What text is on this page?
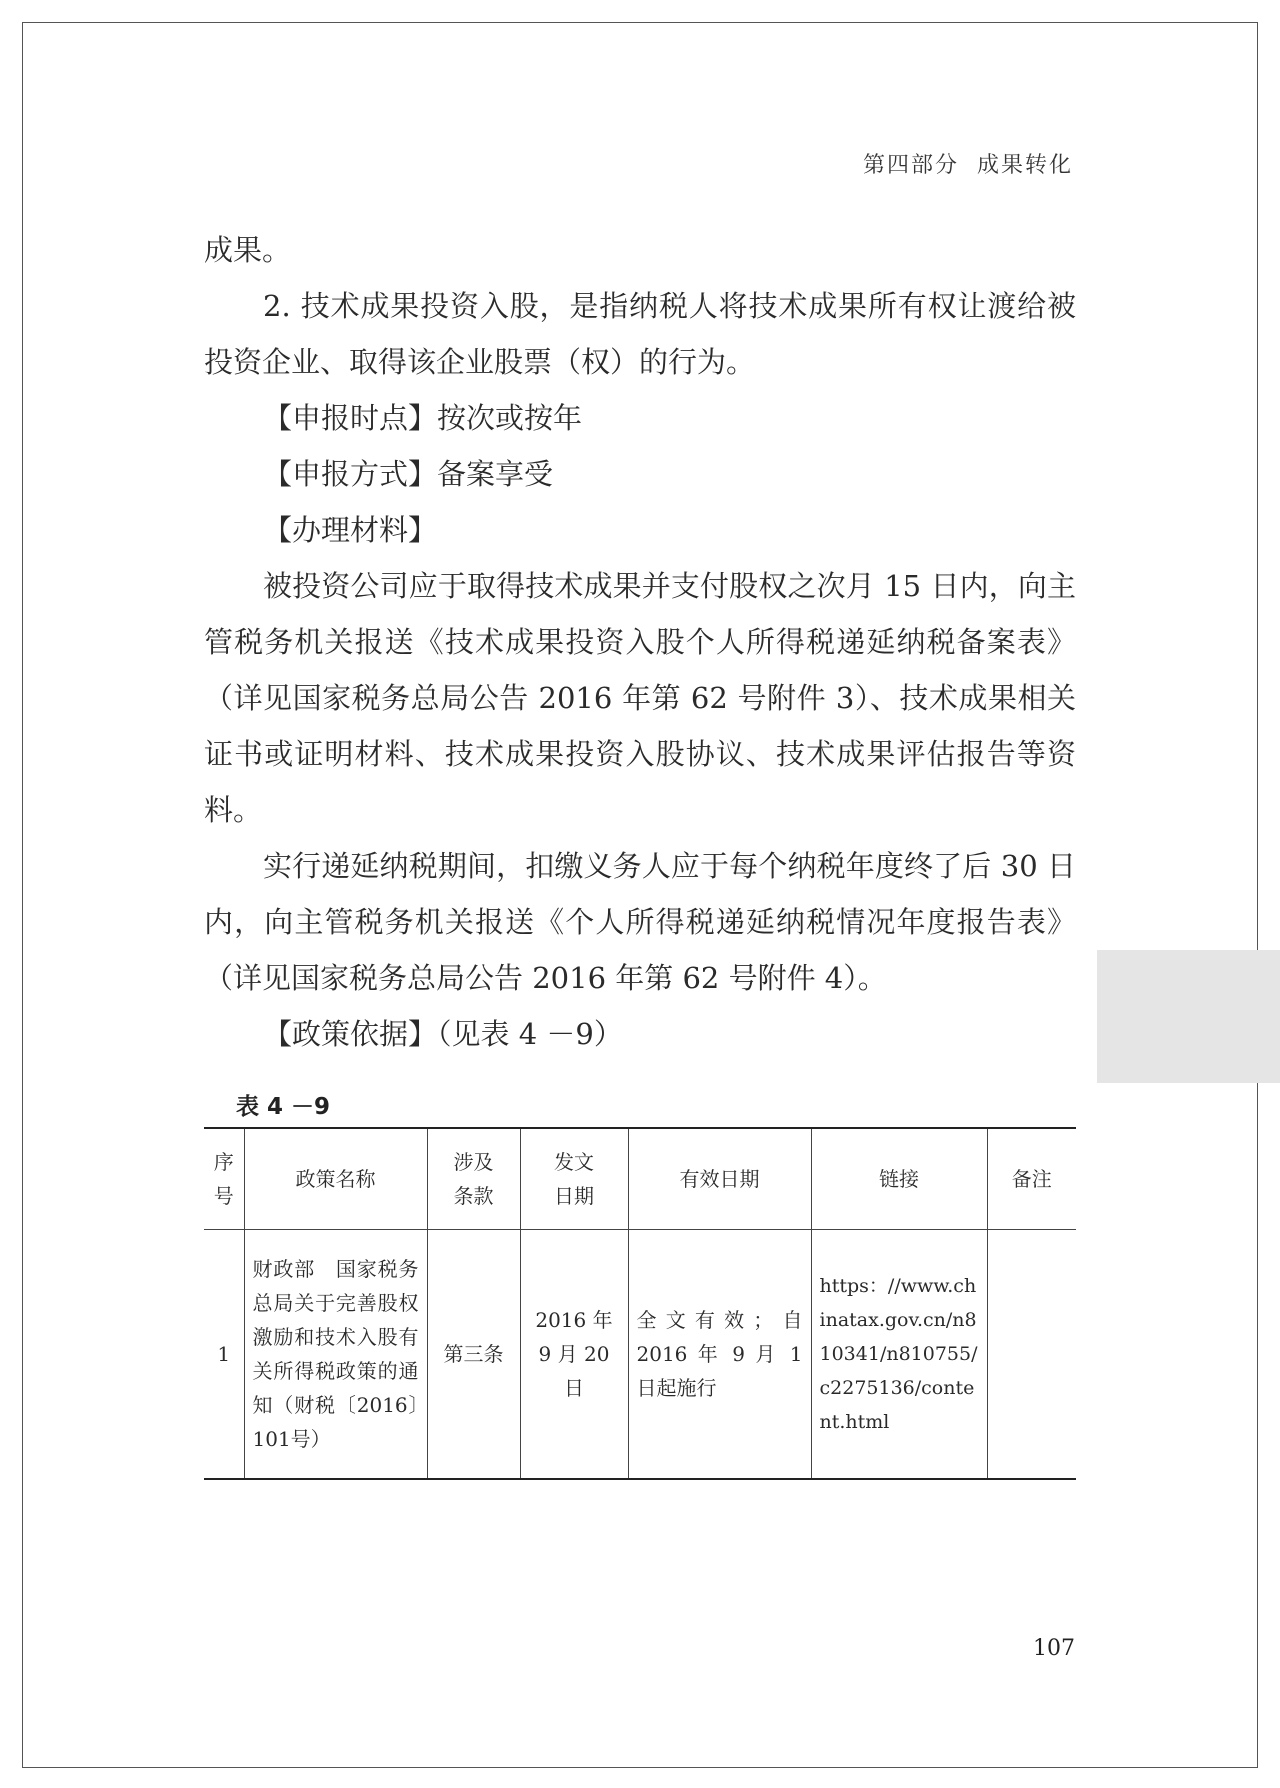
第四部分 成果转化

成果。

2. 技术成果投资入股，是指纳税人将技术成果所有权让渡给被投资企业、取得该企业股票（权）的行为。

【申报时点】按次或按年

【申报方式】备案享受

【办理材料】

被投资公司应于取得技术成果并支付股权之次月 15 日内，向主管税务机关报送《技术成果投资入股个人所得税递延纳税备案表》（详见国家税务总局公告 2016 年第 62 号附件 3）、技术成果相关证书或证明材料、技术成果投资入股协议、技术成果评估报告等资料。

实行递延纳税期间，扣缴义务人应于每个纳税年度终了后 30 日内，向主管税务机关报送《个人所得税递延纳税情况年度报告表》（详见国家税务总局公告 2016 年第 62 号附件 4）。

【政策依据】（见表 4 －9）

表 4 －9
序号	政策名称	涉及条款	发文日期	有效日期	链接	备注
1	财政部　国家税务总局关于完善股权激励和技术入股有关所得税政策的通知（财税〔2016〕101号）	第三条	2016 年 9 月 20 日	全文有效；自 2016 年 9 月 1 日起施行	https：//www.chinatax.gov.cn/n810341/n810755/c2275136/content.html	
107
